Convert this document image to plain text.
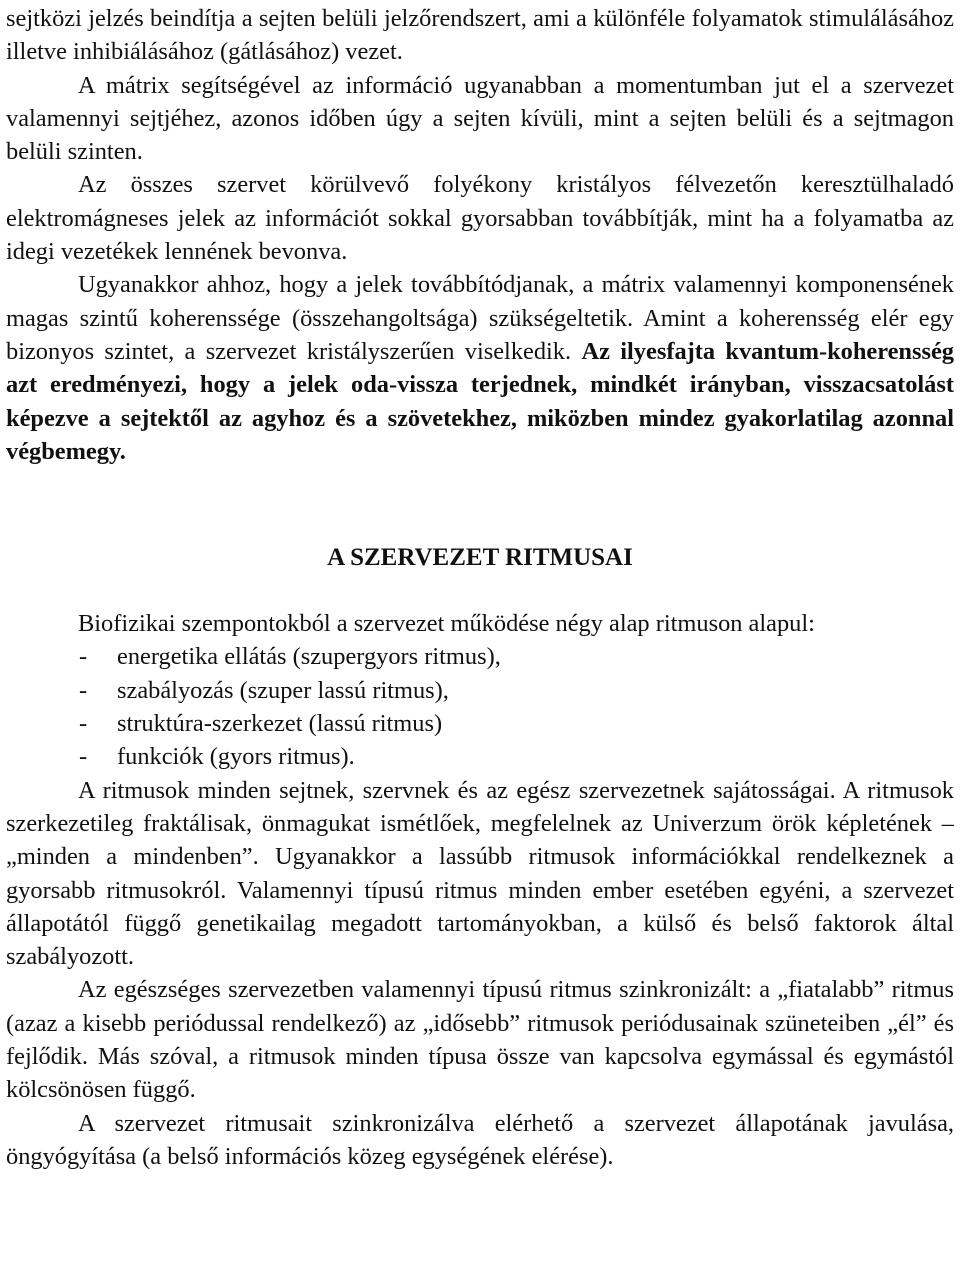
sejtközi jelzés beindítja a sejten belüli jelzőrendszert, ami a különféle folyamatok stimulálásához illetve inhibiálásához (gátlásához) vezet.

A mátrix segítségével az információ ugyanabban a momentumban jut el a szervezet valamennyi sejtjéhez, azonos időben úgy a sejten kívüli, mint a sejten belüli és a sejtmagon belüli szinten.

Az összes szervet körülvevő folyékony kristályos félvezetőn keresztülhaladó elektromágneses jelek az információt sokkal gyorsabban továbbítják, mint ha a folyamatba az idegi vezetékek lennének bevonva.

Ugyanakkor ahhoz, hogy a jelek továbbítódjanak, a mátrix valamennyi komponensének magas szintű koherenssége (összehangoltsága) szükségeltetik. Amint a koherensség elér egy bizonyos szintet, a szervezet kristályszerűen viselkedik. Az ilyesfajta kvantum-koherensség azt eredményezi, hogy a jelek oda-vissza terjednek, mindkét irányban, visszacsatolást képezve a sejtektől az agyhoz és a szövetekhez, miközben mindez gyakorlatilag azonnal végbemegy.

A SZERVEZET RITMUSAI

Biofizikai szempontokból a szervezet működése négy alap ritmuson alapul:

- energetika ellátás (szupergyors ritmus),
- szabályozás (szuper lassú ritmus),
- struktúra-szerkezet (lassú ritmus)
- funkciók (gyors ritmus).

A ritmusok minden sejtnek, szervnek és az egész szervezetnek sajátosságai. A ritmusok szerkezetileg fraktálisak, önmagukat ismétlőek, megfelelnek az Univerzum örök képletének – „minden a mindenben”. Ugyanakkor a lassúbb ritmusok információkkal rendelkeznek a gyorsabb ritmusokról. Valamennyi típusú ritmus minden ember esetében egyéni, a szervezet állapotától függő genetikailag megadott tartományokban, a külső és belső faktorok által szabályozott.

Az egészséges szervezetben valamennyi típusú ritmus szinkronizált: a „fiatalabb” ritmus (azaz a kisebb periódussal rendelkező) az „idősebb” ritmusok periódusainak szüneteiben „él” és fejlődik. Más szóval, a ritmusok minden típusa össze van kapcsolva egymással és egymástól kölcsönösen függő.

A szervezet ritmusait szinkronizálva elérhető a szervezet állapotának javulása, öngyógyítása (a belső információs közeg egységének elérése).
